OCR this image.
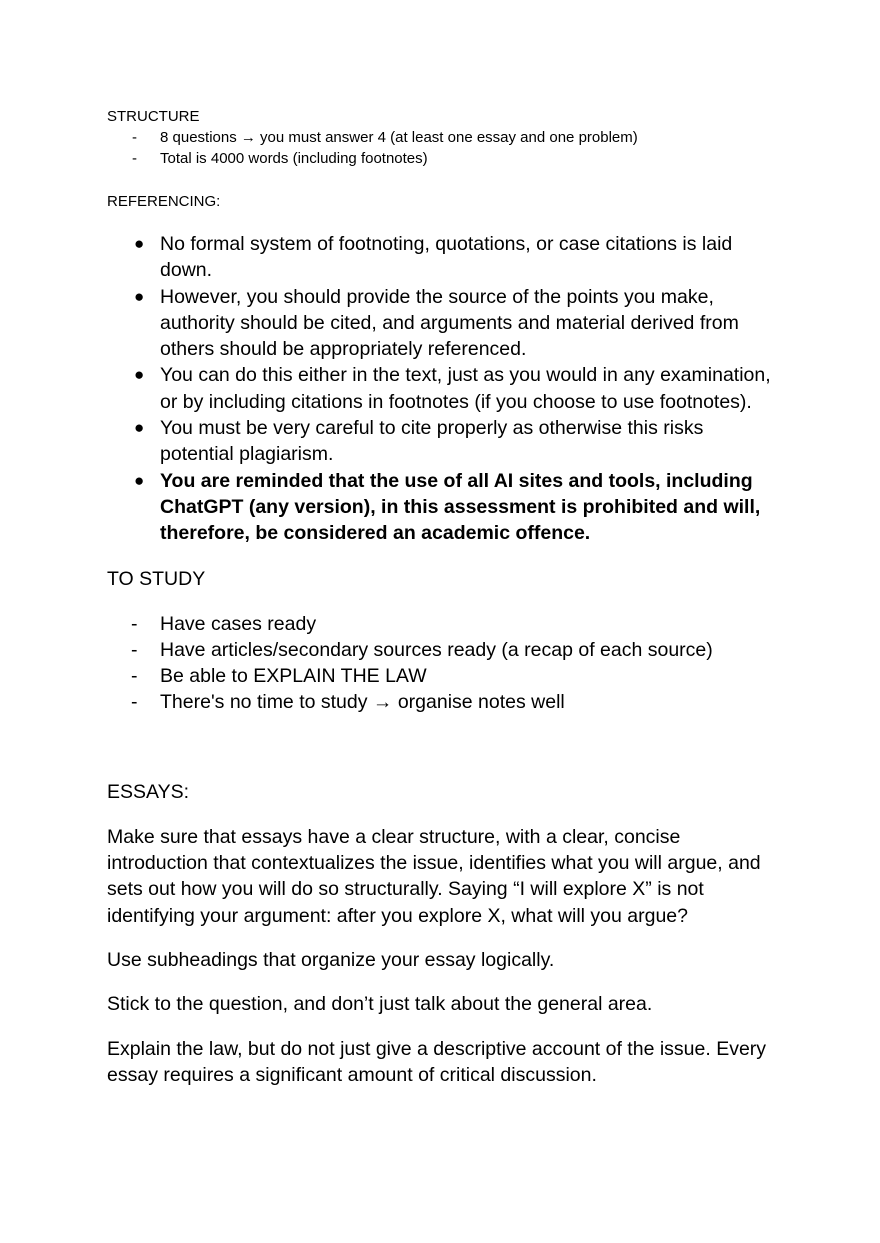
STRUCTURE

- 8 questions → you must answer 4 (at least one essay and one problem)
- Total is 4000 words (including footnotes)

REFERENCING:

● No formal system of footnoting, quotations, or case citations is laid down.
● However, you should provide the source of the points you make, authority should be cited, and arguments and material derived from others should be appropriately referenced.
● You can do this either in the text, just as you would in any examination, or by including citations in footnotes (if you choose to use footnotes).
● You must be very careful to cite properly as otherwise this risks potential plagiarism.
● You are reminded that the use of all AI sites and tools, including ChatGPT (any version), in this assessment is prohibited and will, therefore, be considered an academic offence.

TO STUDY

- Have cases ready
- Have articles/secondary sources ready (a recap of each source)
- Be able to EXPLAIN THE LAW
- There's no time to study → organise notes well

ESSAYS:

Make sure that essays have a clear structure, with a clear, concise introduction that contextualizes the issue, identifies what you will argue, and sets out how you will do so structurally. Saying “I will explore X” is not identifying your argument: after you explore X, what will you argue?

Use subheadings that organize your essay logically.

Stick to the question, and don’t just talk about the general area.

Explain the law, but do not just give a descriptive account of the issue. Every essay requires a significant amount of critical discussion.
